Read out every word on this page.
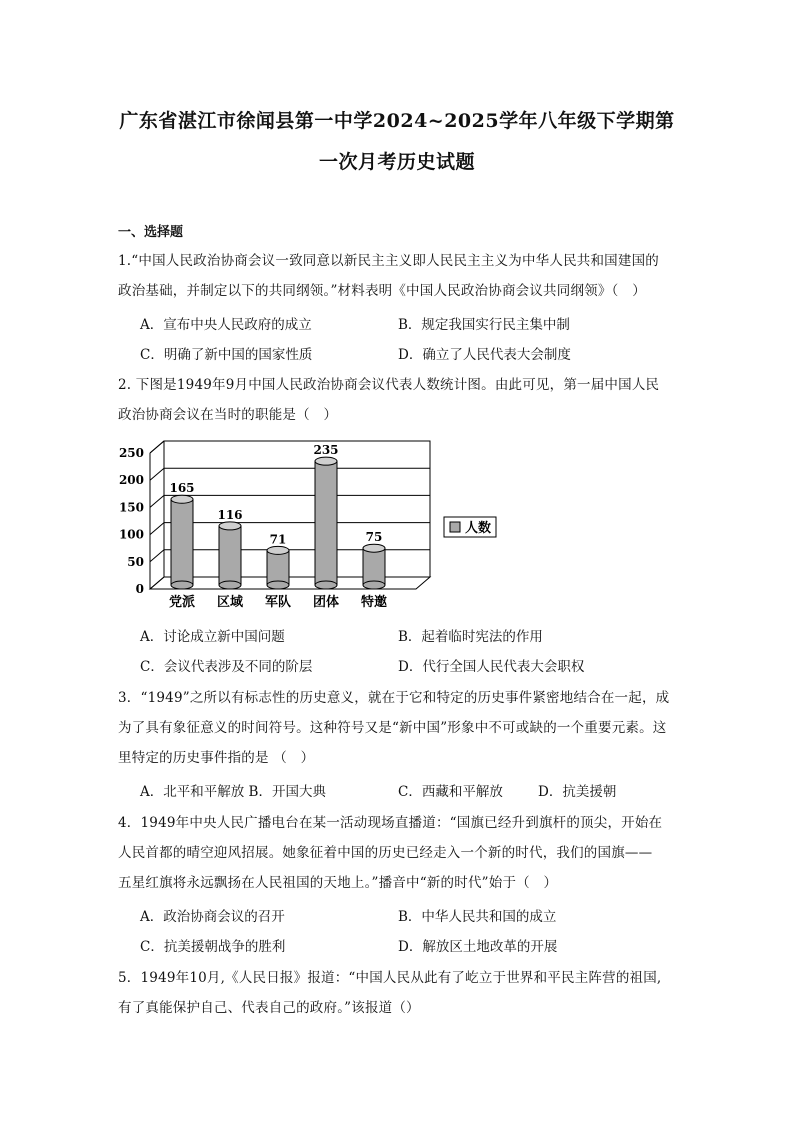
广东省湛江市徐闻县第一中学2024~2025学年八年级下学期第
一次月考历史试题
一、选择题
1.“中国人民政治协商会议一致同意以新民主主义即人民民主主义为中华人民共和国建国的
政治基础，并制定以下的共同纲领。”材料表明《中国人民政治协商会议共同纲领》（　）
A．宣布中央人民政府的成立	B．规定我国实行民主集中制
C．明确了新中国的国家性质	D．确立了人民代表大会制度
2. 下图是1949年9月中国人民政治协商会议代表人数统计图。由此可见，第一届中国人民
政治协商会议在当时的职能是（　）
0
50
100
150
200
250
165
党派
116
区域
71
军队
235
团体
75
特邀
人数
A．讨论成立新中国问题	B．起着临时宪法的作用
C．会议代表涉及不同的阶层	D．代行全国人民代表大会职权
3．“1949”之所以有标志性的历史意义，就在于它和特定的历史事件紧密地结合在一起，成
为了具有象征意义的时间符号。这种符号又是“新中国”形象中不可或缺的一个重要元素。这
里特定的历史事件指的是 （　）
A．北平和平解放 B．开国大典	C．西藏和平解放	D．抗美援朝
4．1949年中央人民广播电台在某一活动现场直播道：“国旗已经升到旗杆的顶尖，开始在
人民首都的晴空迎风招展。她象征着中国的历史已经走入一个新的时代，我们的国旗——
五星红旗将永远飘扬在人民祖国的天地上。”播音中“新的时代”始于（　）
A．政治协商会议的召开	B．中华人民共和国的成立
C．抗美援朝战争的胜利	D．解放区土地改革的开展
5．1949年10月,《人民日报》报道：“中国人民从此有了屹立于世界和平民主阵营的祖国,
有了真能保护自己、代表自己的政府。”该报道（）
